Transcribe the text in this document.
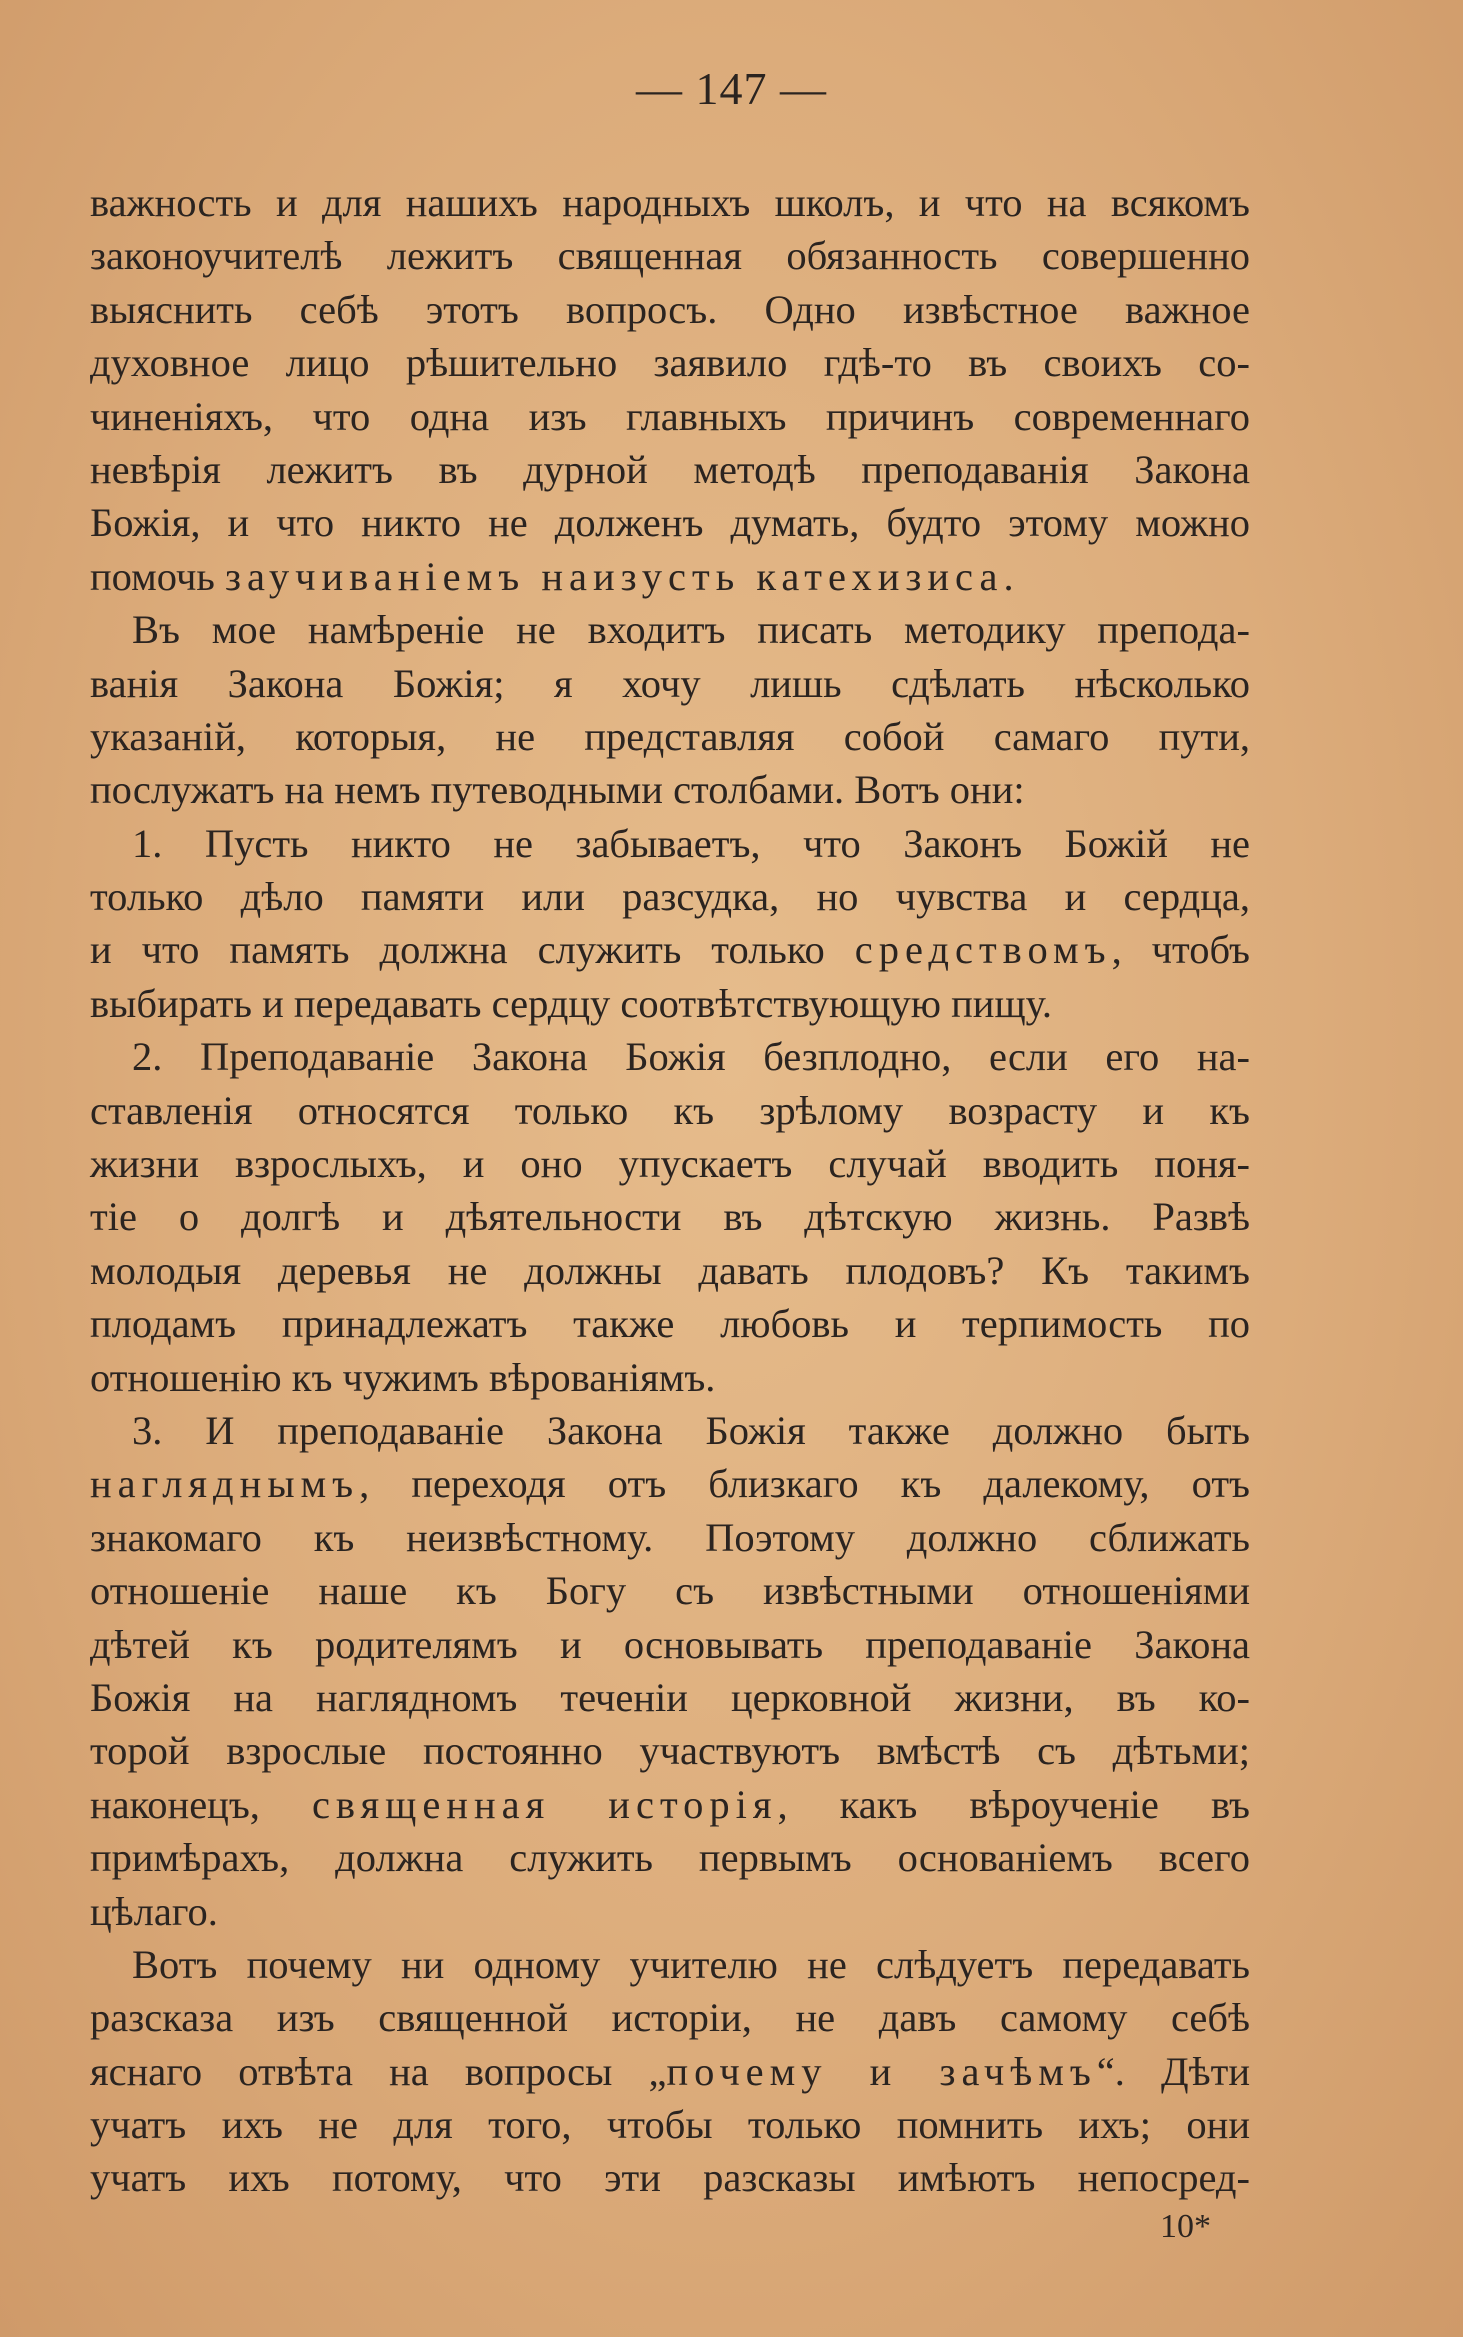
— 147 —
важность и для нашихъ народныхъ школъ, и что на всякомъ
законоучителѣ лежитъ священная обязанность совершенно
выяснить себѣ этотъ вопросъ. Одно извѣстное важное
духовное лицо рѣшительно заявило гдѣ-то въ своихъ со-
чиненіяхъ, что одна изъ главныхъ причинъ современнаго
невѣрія лежитъ въ дурной методѣ преподаванія Закона
Божія, и что никто не долженъ думать, будто этому можно
помочь заучиваніемъ наизусть катехизиса.
Въ мое намѣреніе не входитъ писать методику препода-
ванія Закона Божія; я хочу лишь сдѣлать нѣсколько
указаній, которыя, не представляя собой самаго пути,
послужатъ на немъ путеводными столбами. Вотъ они:
1. Пусть никто не забываетъ, что Законъ Божій не
только дѣло памяти или разсудка, но чувства и сердца,
и что память должна служить только средствомъ, чтобъ
выбирать и передавать сердцу соотвѣтствующую пищу.
2. Преподаваніе Закона Божія безплодно, если его на-
ставленія относятся только къ зрѣлому возрасту и къ
жизни взрослыхъ, и оно упускаетъ случай вводить поня-
тіе о долгѣ и дѣятельности въ дѣтскую жизнь. Развѣ
молодыя деревья не должны давать плодовъ? Къ такимъ
плодамъ принадлежатъ также любовь и терпимость по
отношенію къ чужимъ вѣрованіямъ.
3. И преподаваніе Закона Божія также должно быть
нагляднымъ, переходя отъ близкаго къ далекому, отъ
знакомаго къ неизвѣстному. Поэтому должно сближать
отношеніе наше къ Богу съ извѣстными отношеніями
дѣтей къ родителямъ и основывать преподаваніе Закона
Божія на наглядномъ теченіи церковной жизни, въ ко-
торой взрослые постоянно участвуютъ вмѣстѣ съ дѣтьми;
наконецъ, священная исторія, какъ вѣроученіе въ
примѣрахъ, должна служить первымъ основаніемъ всего
цѣлаго.
Вотъ почему ни одному учителю не слѣдуетъ передавать
разсказа изъ священной исторіи, не давъ самому себѣ
яснаго отвѣта на вопросы „почему и зачѣмъ“. Дѣти
учатъ ихъ не для того, чтобы только помнить ихъ; они
учатъ ихъ потому, что эти разсказы имѣютъ непосред-
10*
